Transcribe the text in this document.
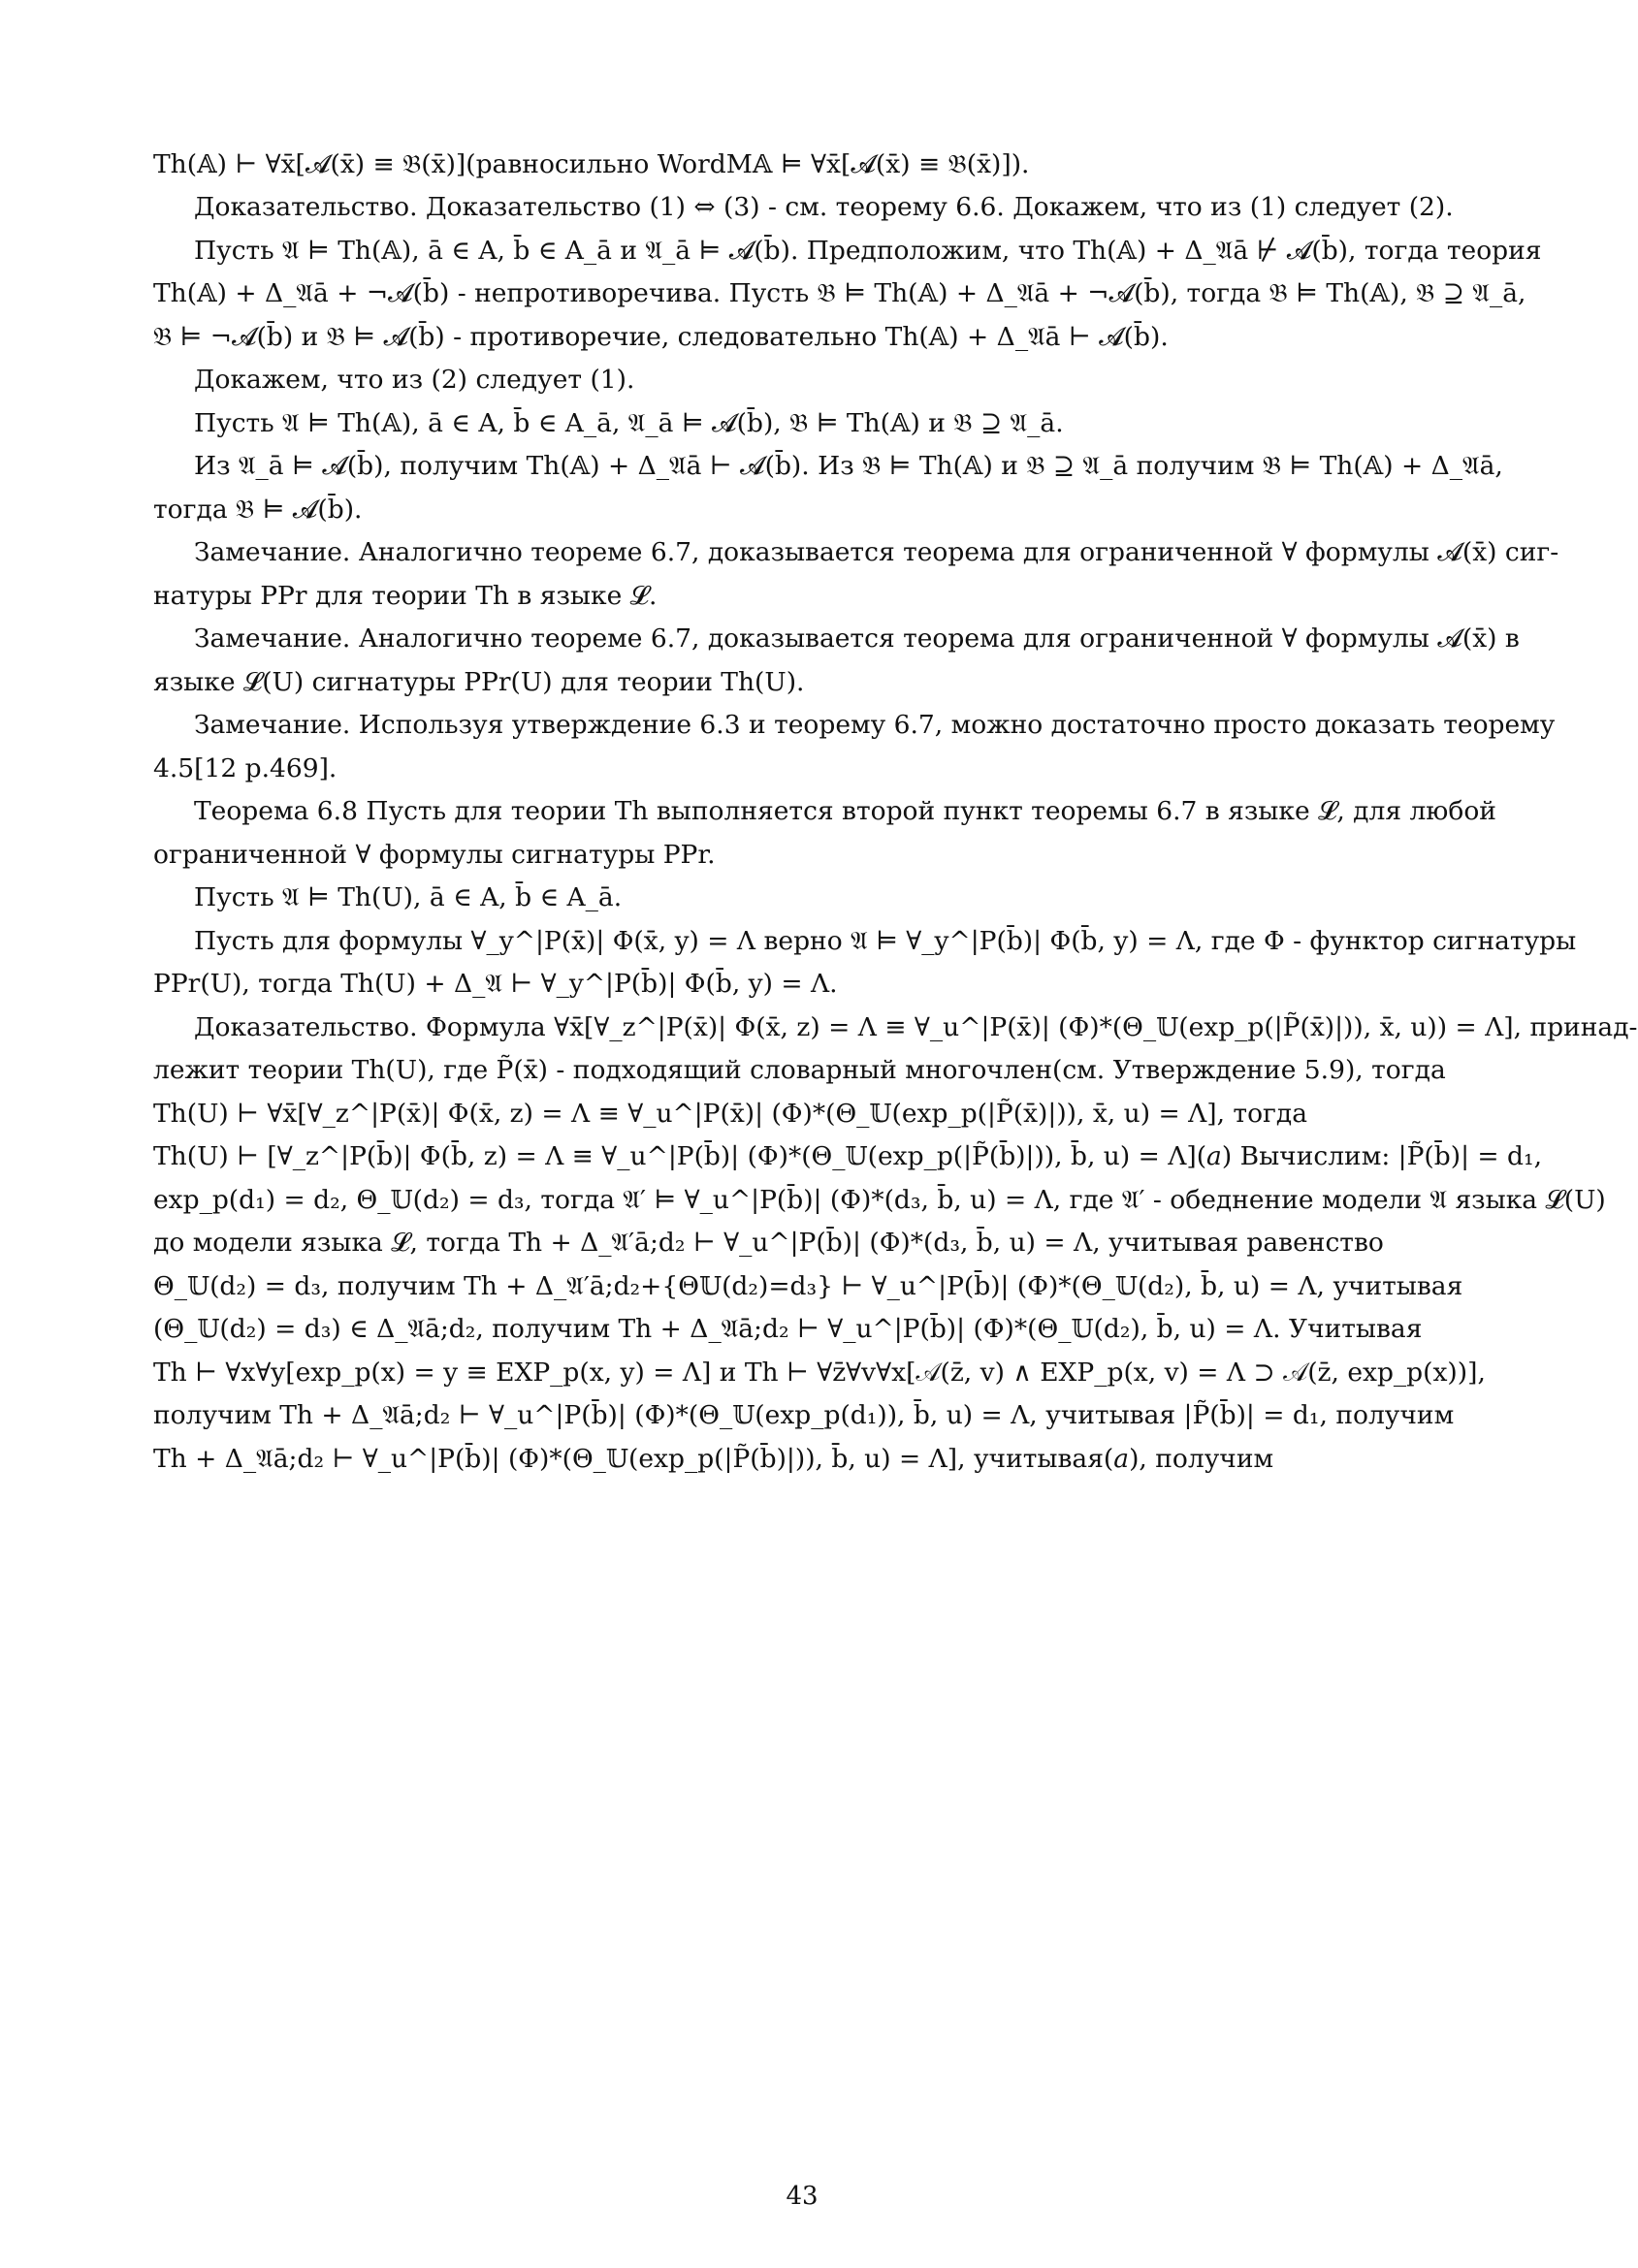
Th(𝔸) ⊢ ∀x̄[𝓐(x̄) ≡ 𝔅(x̄)](равносильно WordM𝔸 ⊨ ∀x̄[𝓐(x̄) ≡ 𝔅(x̄)]).
Доказательство. Доказательство (1) ⇔ (3) - см. теорему 6.6. Докажем, что из (1) следует (2).
Пусть 𝔄 ⊨ Th(𝔸), ā ∈ A, b̄ ∈ A_ā и 𝔄_ā ⊨ 𝓐(b̄). Предположим, что Th(𝔸) + Δ_𝔄ā ⊬ 𝓐(b̄), тогда теория
Th(𝔸) + Δ_𝔄ā + ¬𝓐(b̄) - непротиворечива. Пусть 𝔅 ⊨ Th(𝔸) + Δ_𝔄ā + ¬𝓐(b̄), тогда 𝔅 ⊨ Th(𝔸), 𝔅 ⊇ 𝔄_ā,
𝔅 ⊨ ¬𝓐(b̄) и 𝔅 ⊨ 𝓐(b̄) - противоречие, следовательно Th(𝔸) + Δ_𝔄ā ⊢ 𝓐(b̄).
Докажем, что из (2) следует (1).
Пусть 𝔄 ⊨ Th(𝔸), ā ∈ A, b̄ ∈ A_ā, 𝔄_ā ⊨ 𝓐(b̄), 𝔅 ⊨ Th(𝔸) и 𝔅 ⊇ 𝔄_ā.
Из 𝔄_ā ⊨ 𝓐(b̄), получим Th(𝔸) + Δ_𝔄ā ⊢ 𝓐(b̄). Из 𝔅 ⊨ Th(𝔸) и 𝔅 ⊇ 𝔄_ā получим 𝔅 ⊨ Th(𝔸) + Δ_𝔄ā,
тогда 𝔅 ⊨ 𝓐(b̄).
Замечание. Аналогично теореме 6.7, доказывается теорема для ограниченной ∀ формулы 𝓐(x̄) сиг-
натуры PPr для теории Th в языке 𝓛.
Замечание. Аналогично теореме 6.7, доказывается теорема для ограниченной ∀ формулы 𝓐(x̄) в
языке 𝓛(U) сигнатуры PPr(U) для теории Th(U).
Замечание. Используя утверждение 6.3 и теорему 6.7, можно достаточно просто доказать теорему
4.5[12 p.469].
Теорема 6.8 Пусть для теории Th выполняется второй пункт теоремы 6.7 в языке 𝓛, для любой
ограниченной ∀ формулы сигнатуры PPr.
Пусть 𝔄 ⊨ Th(U), ā ∈ A, b̄ ∈ A_ā.
Пусть для формулы ∀_y^|P(x̄)| Φ(x̄, y) = Λ верно 𝔄 ⊨ ∀_y^|P(b̄)| Φ(b̄, y) = Λ, где Φ - функтор сигнатуры
PPr(U), тогда Th(U) + Δ_𝔄 ⊢ ∀_y^|P(b̄)| Φ(b̄, y) = Λ.
Доказательство. Формула ∀x̄[∀_z^|P(x̄)| Φ(x̄, z) = Λ ≡ ∀_u^|P(x̄)| (Φ)*(Θ_𝕌(exp_p(|P̃(x̄)|)), x̄, u)) = Λ], принад-
лежит теории Th(U), где P̃(x̄) - подходящий словарный многочлен(см. Утверждение 5.9), тогда
Th(U) ⊢ ∀x̄[∀_z^|P(x̄)| Φ(x̄, z) = Λ ≡ ∀_u^|P(x̄)| (Φ)*(Θ_𝕌(exp_p(|P̃(x̄)|)), x̄, u) = Λ], тогда
Th(U) ⊢ [∀_z^|P(b̄)| Φ(b̄, z) = Λ ≡ ∀_u^|P(b̄)| (Φ)*(Θ_𝕌(exp_p(|P̃(b̄)|)), b̄, u) = Λ](𝑎) Вычислим: |P̃(b̄)| = d₁,
exp_p(d₁) = d₂, Θ_𝕌(d₂) = d₃, тогда 𝔄′ ⊨ ∀_u^|P(b̄)| (Φ)*(d₃, b̄, u) = Λ, где 𝔄′ - обеднение модели 𝔄 языка 𝓛(U)
до модели языка 𝓛, тогда Th + Δ_𝔄′ā;d₂ ⊢ ∀_u^|P(b̄)| (Φ)*(d₃, b̄, u) = Λ, учитывая равенство
Θ_𝕌(d₂) = d₃, получим Th + Δ_𝔄′ā;d₂+{Θ𝕌(d₂)=d₃} ⊢ ∀_u^|P(b̄)| (Φ)*(Θ_𝕌(d₂), b̄, u) = Λ, учитывая
(Θ_𝕌(d₂) = d₃) ∈ Δ_𝔄ā;d₂, получим Th + Δ_𝔄ā;d₂ ⊢ ∀_u^|P(b̄)| (Φ)*(Θ_𝕌(d₂), b̄, u) = Λ. Учитывая
Th ⊢ ∀x∀y[exp_p(x) = y ≡ EXP_p(x, y) = Λ] и Th ⊢ ∀z̄∀v∀x[𝒜(z̄, v) ∧ EXP_p(x, v) = Λ ⊃ 𝒜(z̄, exp_p(x))],
получим Th + Δ_𝔄ā;d₂ ⊢ ∀_u^|P(b̄)| (Φ)*(Θ_𝕌(exp_p(d₁)), b̄, u) = Λ, учитывая |P̃(b̄)| = d₁, получим
Th + Δ_𝔄ā;d₂ ⊢ ∀_u^|P(b̄)| (Φ)*(Θ_𝕌(exp_p(|P̃(b̄)|)), b̄, u) = Λ], учитывая(𝑎), получим
43
